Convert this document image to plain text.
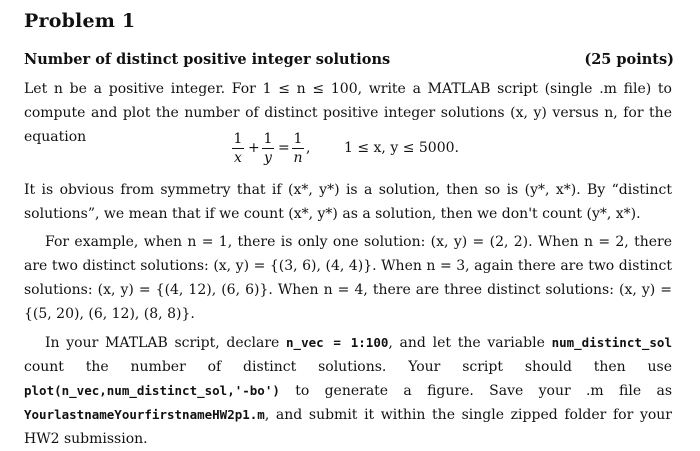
Problem 1
Number of distinct positive integer solutions	(25 points)
Let n be a positive integer. For 1 ≤ n ≤ 100, write a MATLAB script (single .m file) to compute and plot the number of distinct positive integer solutions (x, y) versus n, for the equation	1
x
+
1
y
=
1
n
, 1 ≤ x, y ≤ 5000.
It is obvious from symmetry that if (x*, y*) is a solution, then so is (y*, x*). By “distinct solutions”, we mean that if we count (x*, y*) as a solution, then we don't count (y*, x*).
For example, when n = 1, there is only one solution: (x, y) = (2, 2). When n = 2, there are two distinct solutions: (x, y) = {(3, 6), (4, 4)}. When n = 3, again there are two distinct solutions: (x, y) = {(4, 12), (6, 6)}. When n = 4, there are three distinct solutions: (x, y) = {(5, 20), (6, 12), (8, 8)}.
In your MATLAB script, declare n_vec = 1:100, and let the variable num_distinct_sol count the number of distinct solutions. Your script should then use plot(n_vec,num_distinct_sol,'-bo') to generate a figure. Save your .m file as YourlastnameYourfirstnameHW2p1.m, and submit it within the single zipped folder for your HW2 submission.
